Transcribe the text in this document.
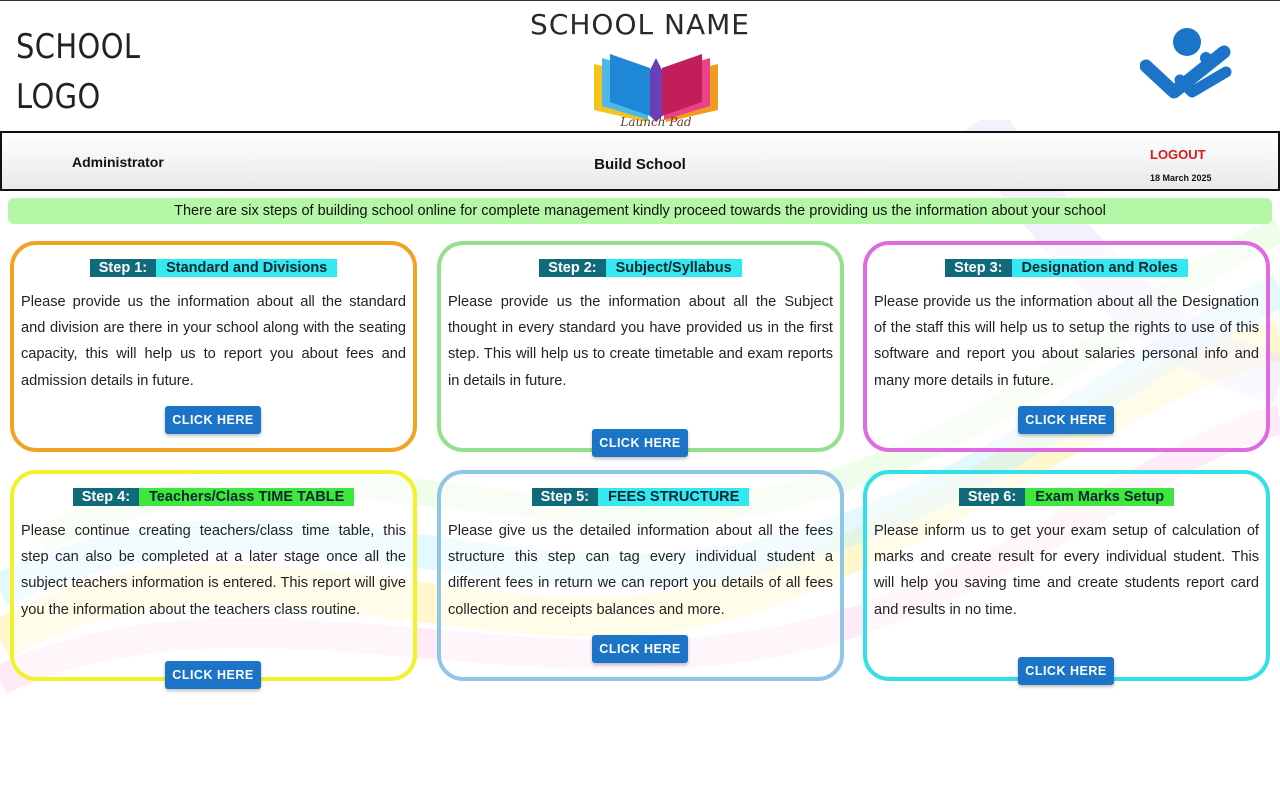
SCHOOL
LOGO
SCHOOL NAME
Launch Pad
Administrator	Build School
LOGOUT
18 March 2025
There are six steps of building school online for complete management kindly proceed towards the providing us the information about your school
Step 1: Standard and Divisions
Please provide us the information about all the standard and division are there in your school along with the seating capacity, this will help us to report you about fees and admission details in future.
CLICK HERE
Step 2: Subject/Syllabus
Please provide us the information about all the Subject thought in every standard you have provided us in the first step. This will help us to create timetable and exam reports in details in future.
CLICK HERE
Step 3: Designation and Roles
Please provide us the information about all the Designation of the staff this will help us to setup the rights to use of this software and report you about salaries personal info and many more details in future.
CLICK HERE
Step 4: Teachers/Class TIME TABLE
Please continue creating teachers/class time table, this step can also be completed at a later stage once all the subject teachers information is entered. This report will give you the information about the teachers class routine.
CLICK HERE
Step 5: FEES STRUCTURE
Please give us the detailed information about all the fees structure this step can tag every individual student a different fees in return we can report you details of all fees collection and receipts balances and more.
CLICK HERE
Step 6: Exam Marks Setup
Please inform us to get your exam setup of calculation of marks and create result for every individual student. This will help you saving time and create students report card and results in no time.
CLICK HERE
